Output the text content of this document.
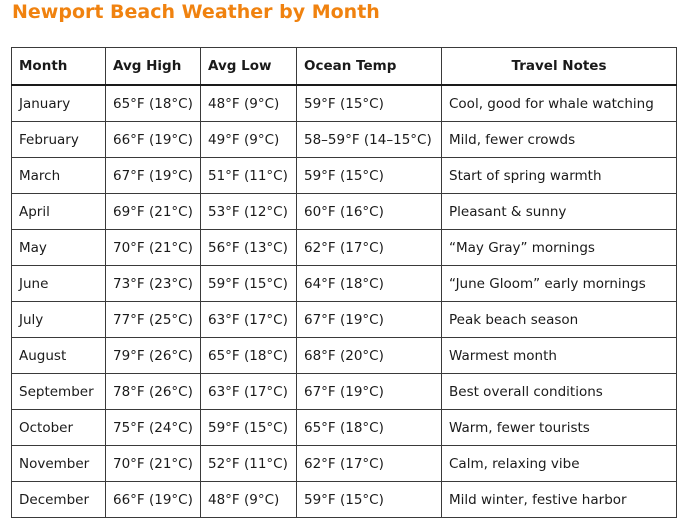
Newport Beach Weather by Month
Month	Avg High	Avg Low	Ocean Temp	Travel Notes
January	65°F (18°C)	48°F (9°C)	59°F (15°C)	Cool, good for whale watching
February	66°F (19°C)	49°F (9°C)	58–59°F (14–15°C)	Mild, fewer crowds
March	67°F (19°C)	51°F (11°C)	59°F (15°C)	Start of spring warmth
April	69°F (21°C)	53°F (12°C)	60°F (16°C)	Pleasant & sunny
May	70°F (21°C)	56°F (13°C)	62°F (17°C)	“May Gray” mornings
June	73°F (23°C)	59°F (15°C)	64°F (18°C)	“June Gloom” early mornings
July	77°F (25°C)	63°F (17°C)	67°F (19°C)	Peak beach season
August	79°F (26°C)	65°F (18°C)	68°F (20°C)	Warmest month
September	78°F (26°C)	63°F (17°C)	67°F (19°C)	Best overall conditions
October	75°F (24°C)	59°F (15°C)	65°F (18°C)	Warm, fewer tourists
November	70°F (21°C)	52°F (11°C)	62°F (17°C)	Calm, relaxing vibe
December	66°F (19°C)	48°F (9°C)	59°F (15°C)	Mild winter, festive harbor
